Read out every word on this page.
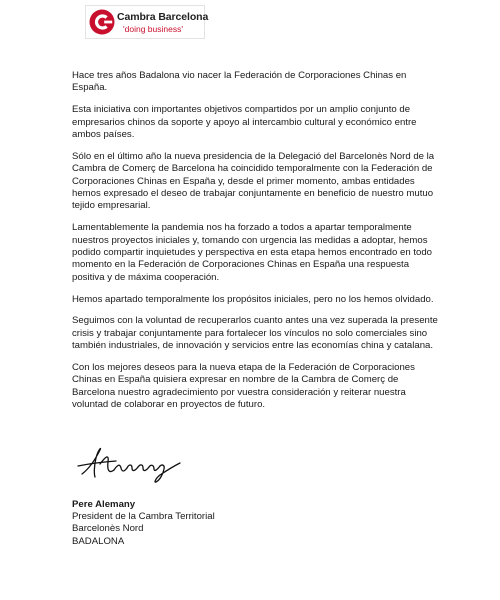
Cambra Barcelona
'doing business'

Hace tres años Badalona vio nacer la Federación de Corporaciones Chinas en España.

Esta iniciativa con importantes objetivos compartidos por un amplio conjunto de empresarios chinos da soporte y apoyo al intercambio cultural y económico entre ambos países.

Sólo en el último año la nueva presidencia de la Delegació del Barcelonès Nord de la Cambra de Comerç de Barcelona ha coincidido temporalmente con la Federación de Corporaciones Chinas en España y, desde el primer momento, ambas entidades hemos expresado el deseo de trabajar conjuntamente en beneficio de nuestro mutuo tejido empresarial.

Lamentablemente la pandemia nos ha forzado a todos a apartar temporalmente nuestros proyectos iniciales y, tomando con urgencia las medidas a adoptar, hemos podido compartir inquietudes y perspectiva en esta etapa hemos encontrado en todo momento en la Federación de Corporaciones Chinas en España una respuesta positiva y de máxima cooperación.

Hemos apartado temporalmente los propósitos iniciales, pero no los hemos olvidado.

Seguimos con la voluntad de recuperarlos cuanto antes una vez superada la presente crisis y trabajar conjuntamente para fortalecer los vínculos no solo comerciales sino también industriales, de innovación y servicios entre las economías china y catalana.

Con los mejores deseos para la nueva etapa de la Federación de Corporaciones Chinas en España quisiera expresar en nombre de la Cambra de Comerç de Barcelona nuestro agradecimiento por vuestra consideración y reiterar nuestra voluntad de colaborar en proyectos de futuro.

Pere Alemany
President de la Cambra Territorial
Barcelonès Nord
BADALONA
